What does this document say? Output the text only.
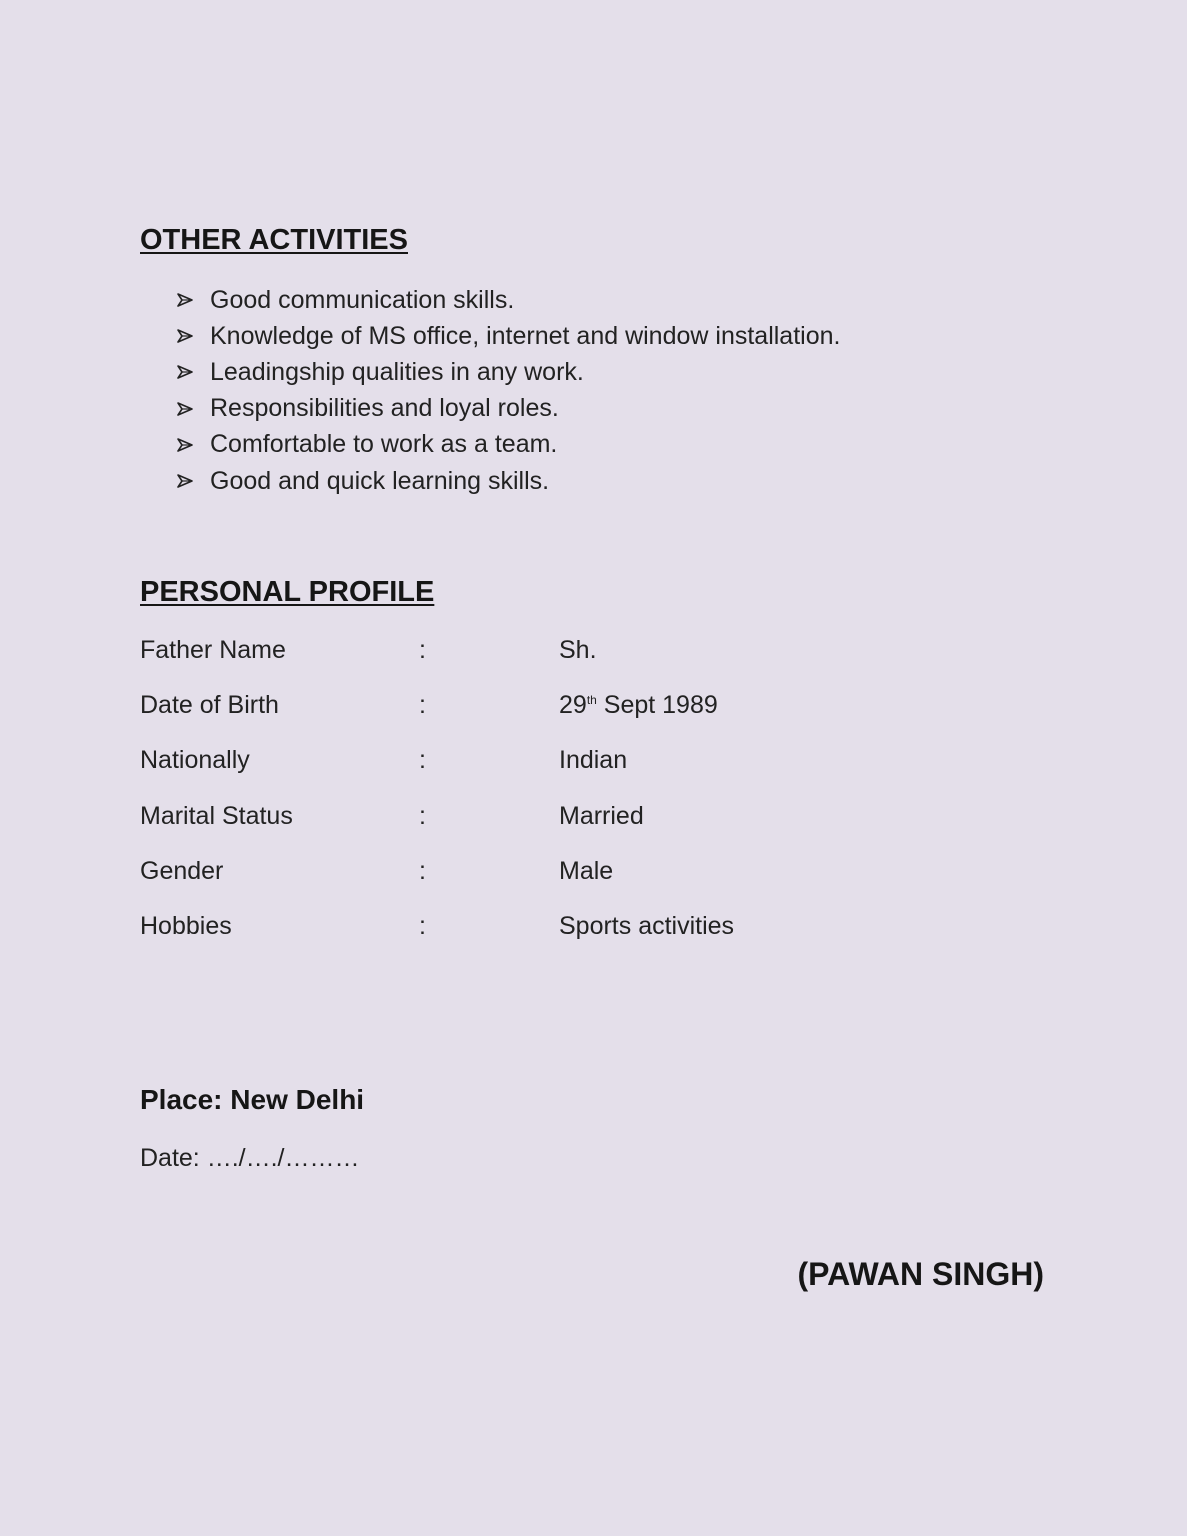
OTHER ACTIVITIES
Good communication skills.
Knowledge of MS office, internet and window installation.
Leadingship qualities in any work.
Responsibilities and loyal roles.
Comfortable to work as a team.
Good and quick learning skills.
PERSONAL PROFILE
Father Name	:	Sh.
Date of Birth	:	29th Sept 1989
Nationally	:	Indian
Marital Status	:	Married
Gender	:	Male
Hobbies	:	Sports activities
Place: New Delhi
Date: …./…./………
(PAWAN SINGH)
